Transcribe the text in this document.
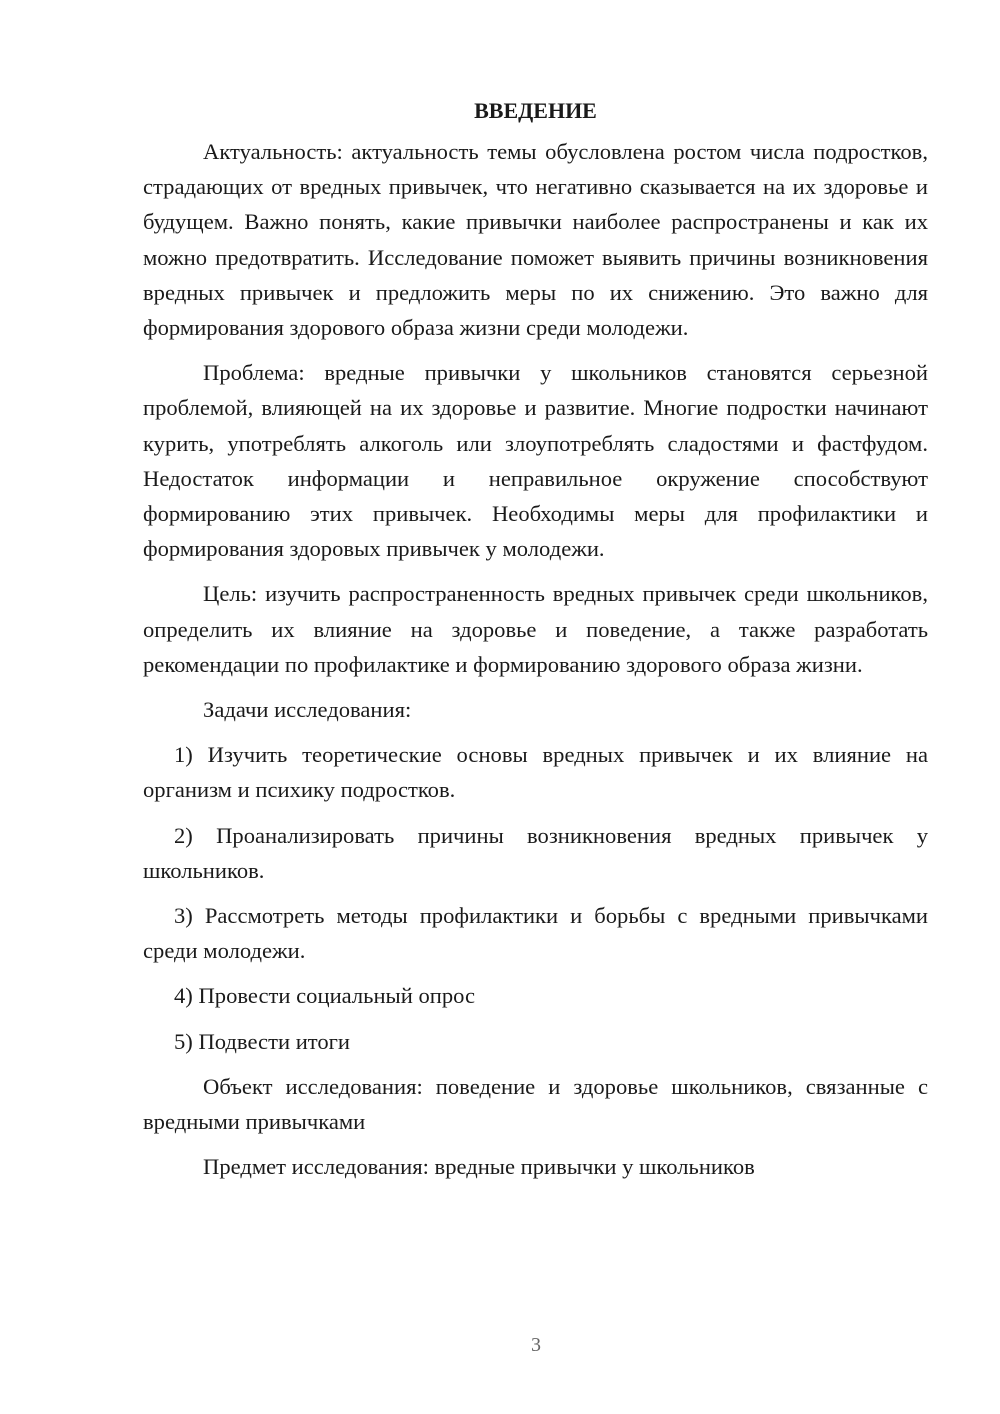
ВВЕДЕНИЕ

Актуальность: актуальность темы обусловлена ростом числа подростков, страдающих от вредных привычек, что негативно сказывается на их здоровье и будущем. Важно понять, какие привычки наиболее распространены и как их можно предотвратить. Исследование поможет выявить причины возникновения вредных привычек и предложить меры по их снижению. Это важно для формирования здорового образа жизни среди молодежи.

Проблема: вредные привычки у школьников становятся серьезной проблемой, влияющей на их здоровье и развитие. Многие подростки начинают курить, употреблять алкоголь или злоупотреблять сладостями и фастфудом. Недостаток информации и неправильное окружение способствуют формированию этих привычек. Необходимы меры для профилактики и формирования здоровых привычек у молодежи.

Цель: изучить распространенность вредных привычек среди школьников, определить их влияние на здоровье и поведение, а также разработать рекомендации по профилактике и формированию здорового образа жизни.

Задачи исследования:

1) Изучить теоретические основы вредных привычек и их влияние на организм и психику подростков.

2) Проанализировать причины возникновения вредных привычек у школьников.

3) Рассмотреть методы профилактики и борьбы с вредными привычками среди молодежи.

4) Провести социальный опрос

5) Подвести итоги

Объект исследования: поведение и здоровье школьников, связанные с вредными привычками

Предмет исследования: вредные привычки у школьников

3
